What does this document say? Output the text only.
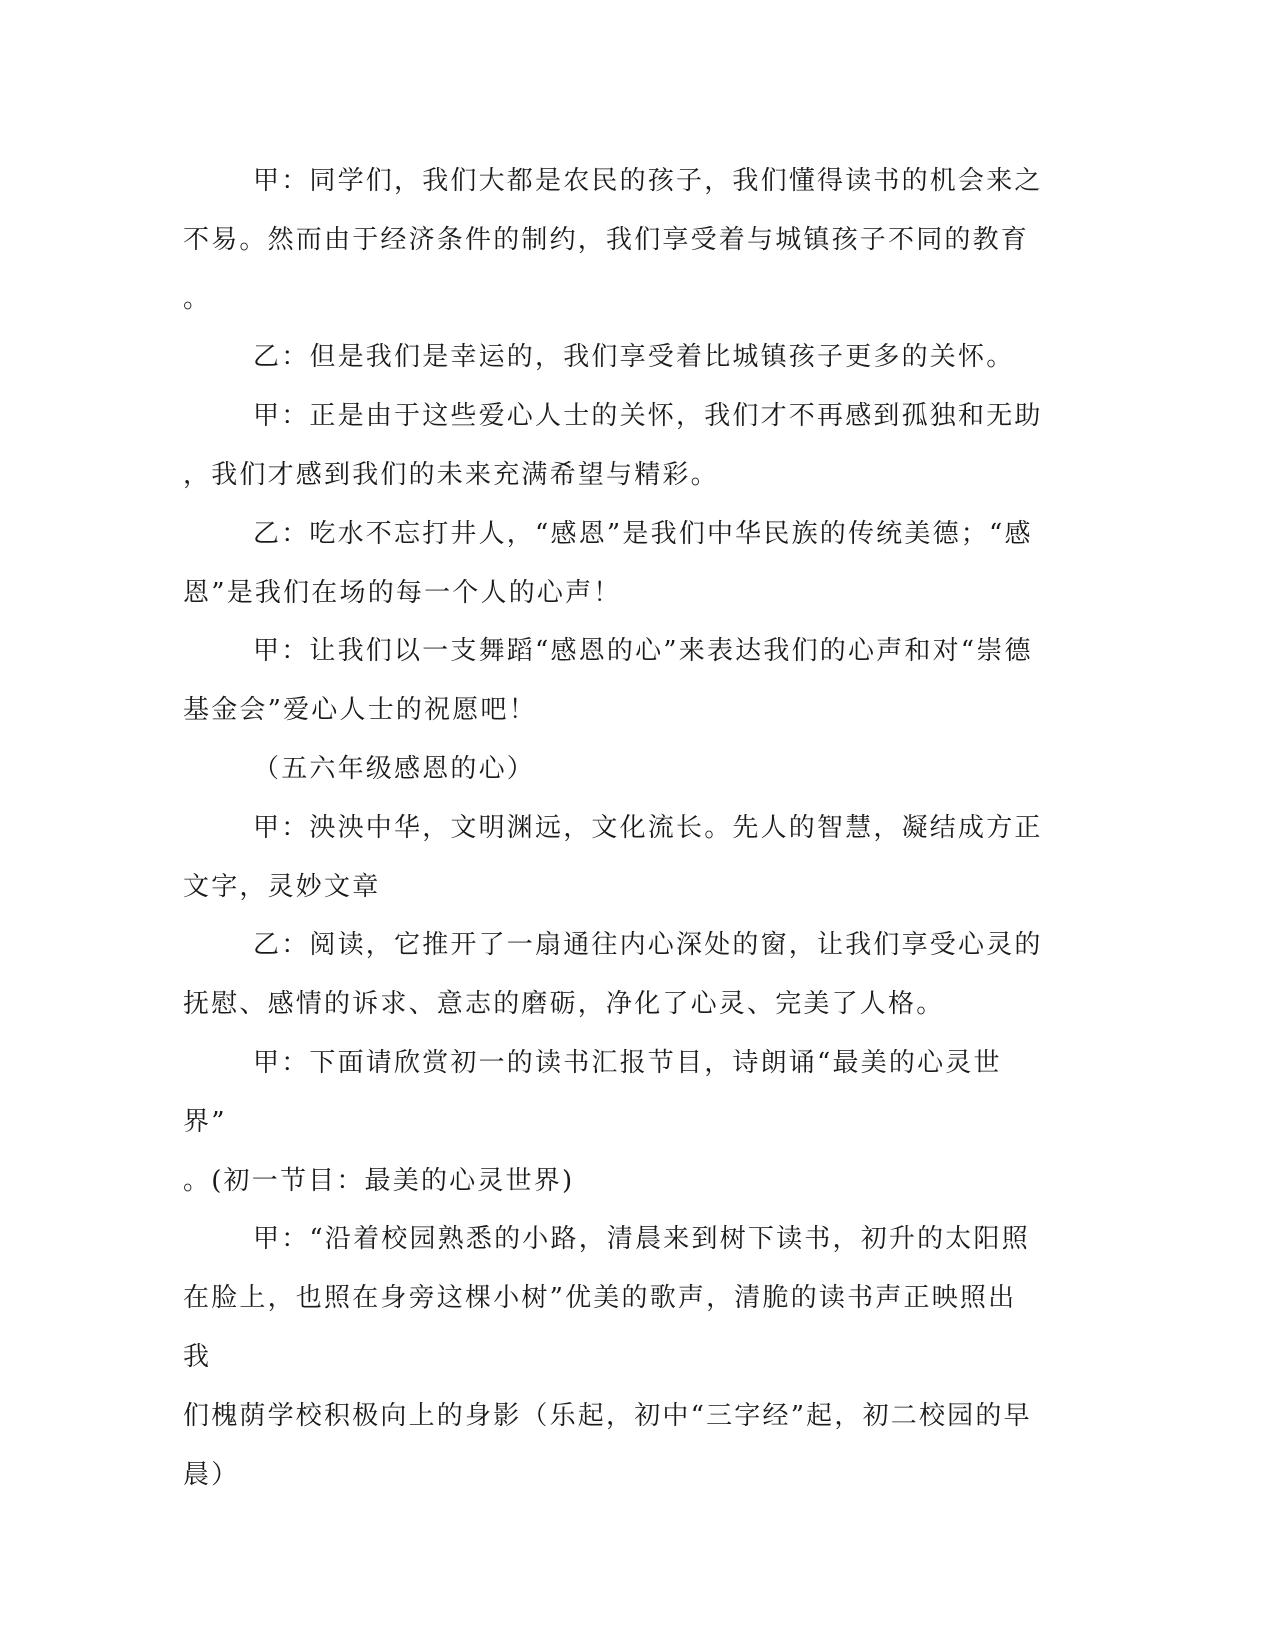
甲：同学们，我们大都是农民的孩子，我们懂得读书的机会来之
不易。然而由于经济条件的制约，我们享受着与城镇孩子不同的教育
。

乙：但是我们是幸运的，我们享受着比城镇孩子更多的关怀。

甲：正是由于这些爱心人士的关怀，我们才不再感到孤独和无助
，我们才感到我们的未来充满希望与精彩。

乙：吃水不忘打井人，“感恩”是我们中华民族的传统美德；“感
恩”是我们在场的每一个人的心声！

甲：让我们以一支舞蹈“感恩的心”来表达我们的心声和对“崇德
基金会”爱心人士的祝愿吧！

（五六年级感恩的心）

甲：泱泱中华，文明渊远，文化流长。先人的智慧，凝结成方正
文字，灵妙文章

乙：阅读，它推开了一扇通往内心深处的窗，让我们享受心灵的
抚慰、感情的诉求、意志的磨砺，净化了心灵、完美了人格。

甲：下面请欣赏初一的读书汇报节目，诗朗诵“最美的心灵世界”
。(初一节目：最美的心灵世界)

甲：“沿着校园熟悉的小路，清晨来到树下读书，初升的太阳照
在脸上，也照在身旁这棵小树”优美的歌声，清脆的读书声正映照出我
们槐荫学校积极向上的身影（乐起，初中“三字经”起，初二校园的早
晨）
